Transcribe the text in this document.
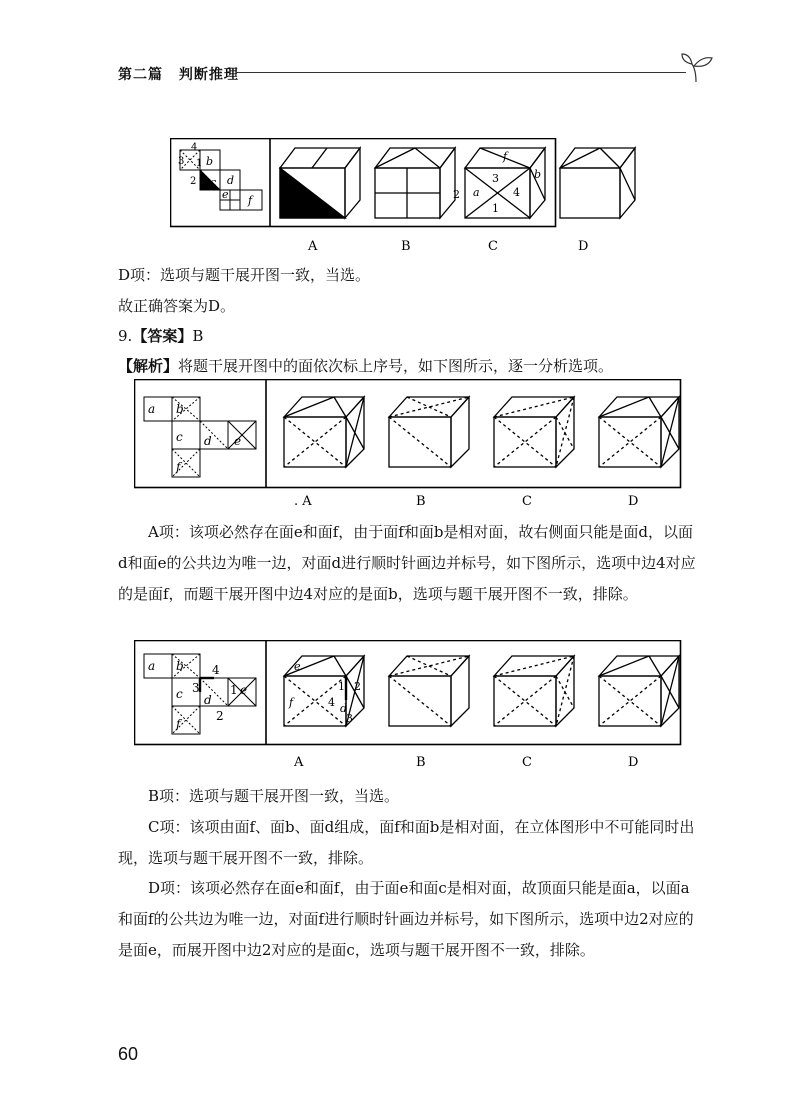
第二篇 判断推理
4
3 1 b
2 c d
e f
f
3	b
2 a	4
1
A	B	C	D

D项：选项与题干展开图一致，当选。

故正确答案为D。

9.【答案】B

【解析】将题干展开图中的面依次标上序号，如下图所示，逐一分析选项。

a b
c d e
f
. A	B	C	D

A项：该项必然存在面e和面f，由于面f和面b是相对面，故右侧面只能是面d，以面d和面e的公共边为唯一边，对面d进行顺时针画边并标号，如下图所示，选项中边4对应的是面f，而题干展开图中边4对应的是面b，选项与题干展开图不一致，排除。

a b 4
c 3	1
d
e
2
f
e
1 2
f	4 d
3
A	B	C	D

B项：选项与题干展开图一致，当选。

C项：该项由面f、面b、面d组成，面f和面b是相对面，在立体图形中不可能同时出现，选项与题干展开图不一致，排除。

D项：该项必然存在面e和面f，由于面e和面c是相对面，故顶面只能是面a，以面a和面f的公共边为唯一边，对面f进行顺时针画边并标号，如下图所示，选项中边2对应的是面e，而展开图中边2对应的是面c，选项与题干展开图不一致，排除。

60
